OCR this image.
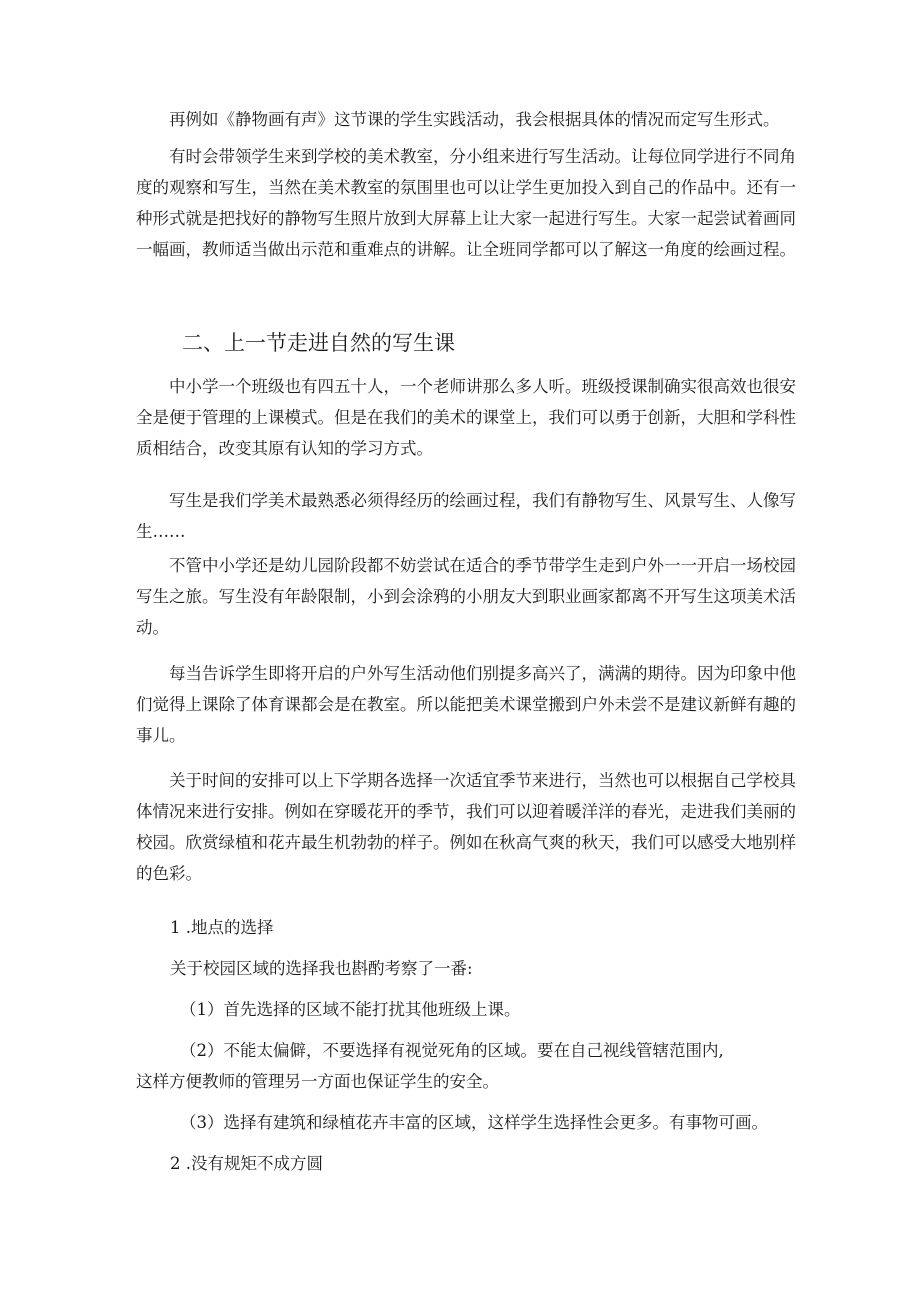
再例如《静物画有声》这节课的学生实践活动，我会根据具体的情况而定写生形式。

有时会带领学生来到学校的美术教室，分小组来进行写生活动。让每位同学进行不同角度的观察和写生，当然在美术教室的氛围里也可以让学生更加投入到自己的作品中。还有一种形式就是把找好的静物写生照片放到大屏幕上让大家一起进行写生。大家一起尝试着画同一幅画，教师适当做出示范和重难点的讲解。让全班同学都可以了解这一角度的绘画过程。

二、上一节走进自然的写生课

中小学一个班级也有四五十人，一个老师讲那么多人听。班级授课制确实很高效也很安全是便于管理的上课模式。但是在我们的美术的课堂上，我们可以勇于创新，大胆和学科性质相结合，改变其原有认知的学习方式。

写生是我们学美术最熟悉必须得经历的绘画过程，我们有静物写生、风景写生、人像写生……

不管中小学还是幼儿园阶段都不妨尝试在适合的季节带学生走到户外一一开启一场校园写生之旅。写生没有年龄限制，小到会涂鸦的小朋友大到职业画家都离不开写生这项美术活动。

每当告诉学生即将开启的户外写生活动他们别提多高兴了，满满的期待。因为印象中他们觉得上课除了体育课都会是在教室。所以能把美术课堂搬到户外未尝不是建议新鲜有趣的事儿。

关于时间的安排可以上下学期各选择一次适宜季节来进行，当然也可以根据自己学校具体情况来进行安排。例如在穿暖花开的季节，我们可以迎着暖洋洋的春光，走进我们美丽的校园。欣赏绿植和花卉最生机勃勃的样子。例如在秋高气爽的秋天，我们可以感受大地别样的色彩。

1 .地点的选择

关于校园区域的选择我也斟酌考察了一番:

（1）首先选择的区域不能打扰其他班级上课。

（2）不能太偏僻，不要选择有视觉死角的区域。要在自己视线管辖范围内,

这样方便教师的管理另一方面也保证学生的安全。

（3）选择有建筑和绿植花卉丰富的区域，这样学生选择性会更多。有事物可画。

2 .没有规矩不成方圆
